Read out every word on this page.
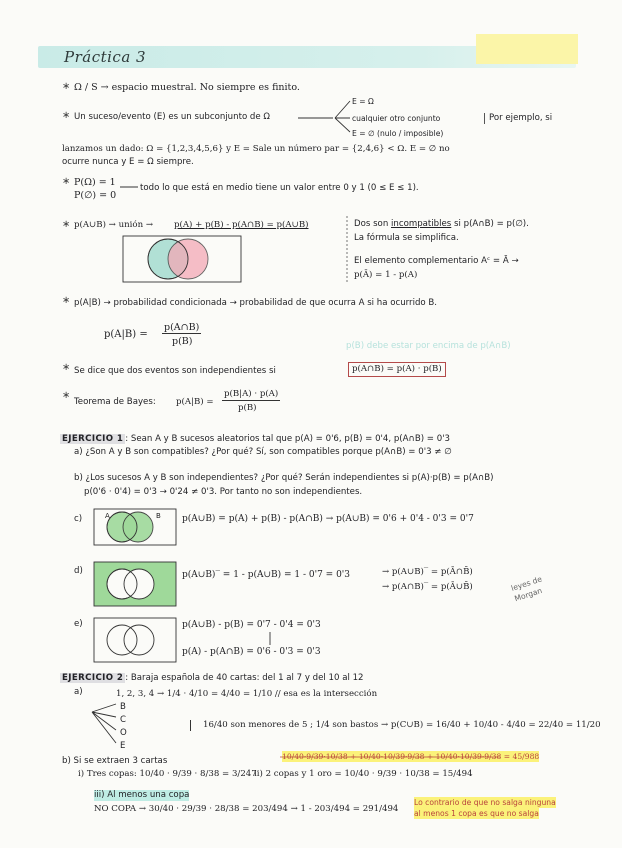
Práctica 3
∗
∗
∗
∗
∗
∗
∗
Ω / S → espacio muestral. No siempre es finito.
Un suceso/evento (E) es un subconjunto de Ω
E = Ω
cualquier otro conjunto
E = ∅ (nulo / imposible)
Por ejemplo, si
lanzamos un dado: Ω = {1,2,3,4,5,6} y E = Sale un número par = {2,4,6} < Ω. E = ∅ no
ocurre nunca y E = Ω siempre.
P(Ω) = 1
P(∅) = 0
todo lo que está en medio tiene un valor entre 0 y 1 (0 ≤ E ≤ 1).
p(A∪B) → unión → p(A) + p(B) - p(A∩B) = p(A∪B)	Dos son incompatibles si p(A∩B) = p(∅).
La fórmula se simplifica.
El elemento complementario Aᶜ = Ā →
p(Ā) = 1 - p(A)
p(A|B) → probabilidad condicionada → probabilidad de que ocurra A si ha ocurrido B.
p(A|B) =
p(A∩B)
p(B)	p(B) debe estar por encima de p(A∩B)
Se dice que dos eventos son independientes si	p(A∩B) = p(A) · p(B)
Teorema de Bayes: p(A|B) =
p(B|A) · p(A)
p(B)
EJERCICIO 1 : Sean A y B sucesos aleatorios tal que p(A) = 0'6, p(B) = 0'4, p(A∩B) = 0'3
a) ¿Son A y B son compatibles? ¿Por qué? Sí, son compatibles porque p(A∩B) = 0'3 ≠ ∅
b) ¿Los sucesos A y B son independientes? ¿Por qué? Serán independientes si p(A)·p(B) = p(A∩B)
p(0'6 · 0'4) = 0'3 → 0'24 ≠ 0'3. Por tanto no son independientes.
c)	p(A∪B) = p(A) + p(B) - p(A∩B) → p(A∪B) = 0'6 + 0'4 - 0'3 = 0'7
d)	p(A∪B)‾ = 1 - p(A∪B) = 1 - 0'7 = 0'3	→ p(A∪B)‾ = p(Ā∩B̄)
→ p(A∩B)‾ = p(Ā∪B̄)	leyes de Morgan
e)	p(A∪B) - p(B) = 0'7 - 0'4 = 0'3
p(A) - p(A∩B) = 0'6 - 0'3 = 0'3
EJERCICIO 2 : Baraja española de 40 cartas: del 1 al 7 y del 10 al 12
a)	1, 2, 3, 4 → 1/4 · 4/10 = 4/40 = 1/10 // esa es la intersección
B
C
O
E
16/40 son menores de 5 ; 1/4 son bastos → p(C∪B) = 16/40 + 10/40 - 4/40 = 22/40 = 11/20
b) Si se extraen 3 cartas
i) Tres copas: 10/40 · 9/39 · 8/38 = 3/247
ii) 2 copas y 1 oro = 10/40 · 9/39 · 10/38 = 15/494
10/40·9/39·10/38 + 10/40·10/39·9/38 + 10/40·10/39·9/38 = 45/988
iii) Al menos una copa
NO COPA → 30/40 · 29/39 · 28/38 = 203/494 → 1 - 203/494 = 291/494
Lo contrario de que no salga ninguna
al menos 1 copa es que no salga
A	B
